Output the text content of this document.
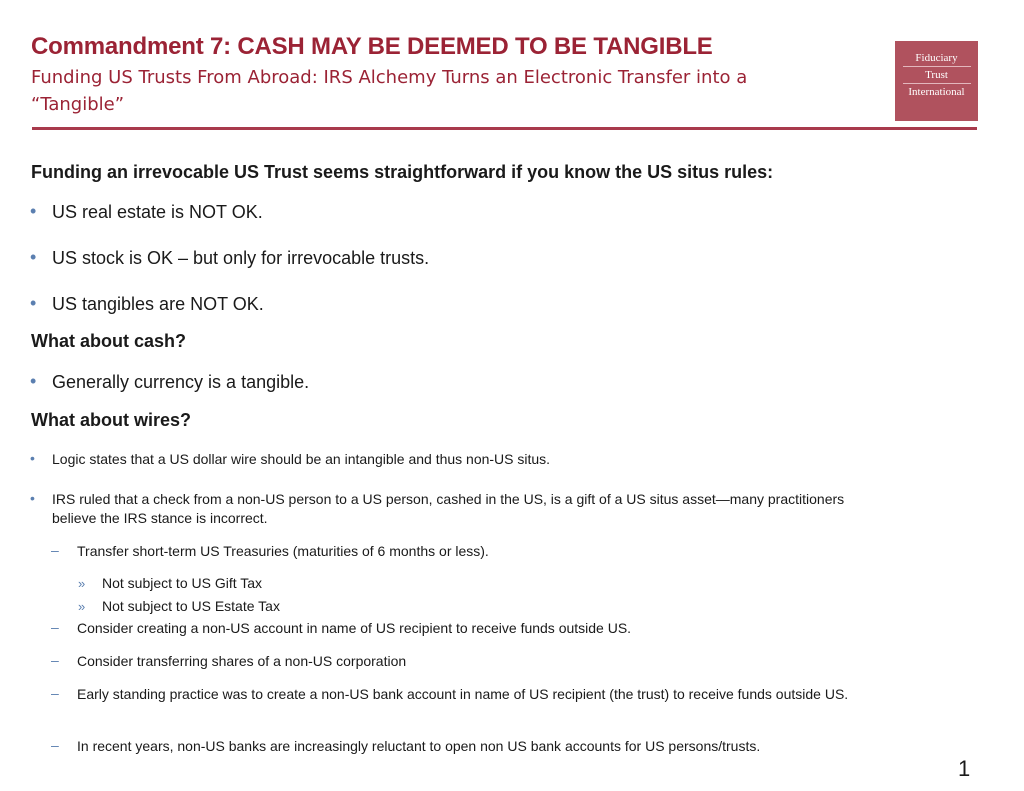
Commandment 7: CASH MAY BE DEEMED TO BE TANGIBLE
Funding US Trusts From Abroad: IRS Alchemy Turns an Electronic Transfer into a “Tangible”
Fiduciary
Trust
International
Funding an irrevocable US Trust seems straightforward if you know the US situs rules:
• US real estate is NOT OK.
• US stock is OK – but only for irrevocable trusts.
• US tangibles are NOT OK.
What about cash?
• Generally currency is a tangible.
What about wires?
• Logic states that a US dollar wire should be an intangible and thus non-US situs.
• IRS ruled that a check from a non-US person to a US person, cashed in the US, is a gift of a US situs asset—many practitioners believe the IRS stance is incorrect.
– Transfer short-term US Treasuries (maturities of 6 months or less).
» Not subject to US Gift Tax
» Not subject to US Estate Tax
– Consider creating a non-US account in name of US recipient to receive funds outside US.
– Consider transferring shares of a non-US corporation
– Early standing practice was to create a non-US bank account in name of US recipient (the trust) to receive funds outside US.
– In recent years, non-US banks are increasingly reluctant to open non US bank accounts for US persons/trusts.
1
